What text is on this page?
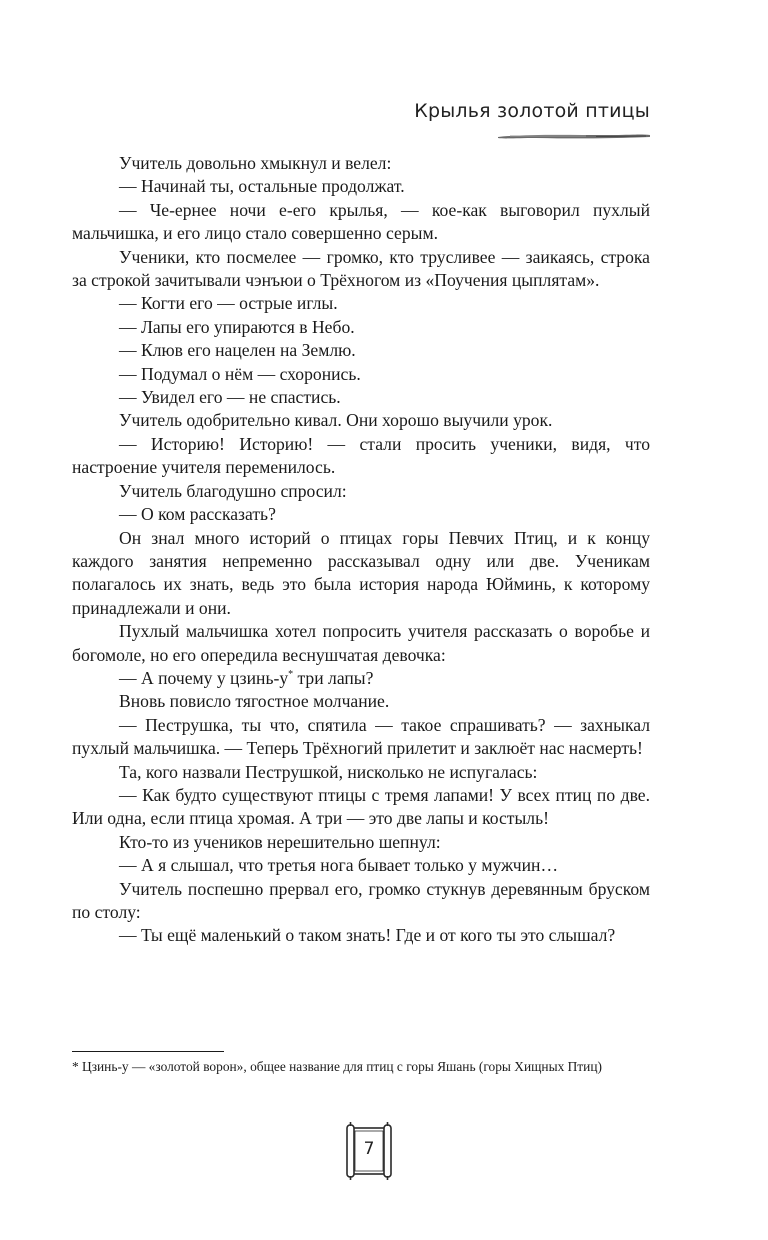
Крылья золотой птицы

Учитель довольно хмыкнул и велел:

— Начинай ты, остальные продолжат.

— Че-ернее ночи е-его крылья, — кое-как выговорил пухлый мальчишка, и его лицо стало совершенно серым.

Ученики, кто посмелее — громко, кто трусливее — заикаясь, строка за строкой зачитывали чэнъюи о Трёхногом из «Поучения цыплятам».

— Когти его — острые иглы.

— Лапы его упираются в Небо.

— Клюв его нацелен на Землю.

— Подумал о нём — схоронись.

— Увидел его — не спастись.

Учитель одобрительно кивал. Они хорошо выучили урок.

— Историю! Историю! — стали просить ученики, видя, что настроение учителя переменилось.

Учитель благодушно спросил:

— О ком рассказать?

Он знал много историй о птицах горы Певчих Птиц, и к концу каждого занятия непременно рассказывал одну или две. Ученикам полагалось их знать, ведь это была история народа Юйминь, к которому принадлежали и они.

Пухлый мальчишка хотел попросить учителя рассказать о воробье и богомоле, но его опередила веснушчатая девочка:

— А почему у цзинь-у* три лапы?

Вновь повисло тягостное молчание.

— Пеструшка, ты что, спятила — такое спрашивать? — захныкал пухлый мальчишка. — Теперь Трёхногий прилетит и заклюёт нас насмерть!

Та, кого назвали Пеструшкой, нисколько не испугалась:

— Как будто существуют птицы с тремя лапами! У всех птиц по две. Или одна, если птица хромая. А три — это две лапы и костыль!

Кто-то из учеников нерешительно шепнул:

— А я слышал, что третья нога бывает только у мужчин…

Учитель поспешно прервал его, громко стукнув деревянным бруском по столу:

— Ты ещё маленький о таком знать! Где и от кого ты это слышал?

* Цзинь-у — «золотой ворон», общее название для птиц с горы Яшань (горы Хищных Птиц)

7
